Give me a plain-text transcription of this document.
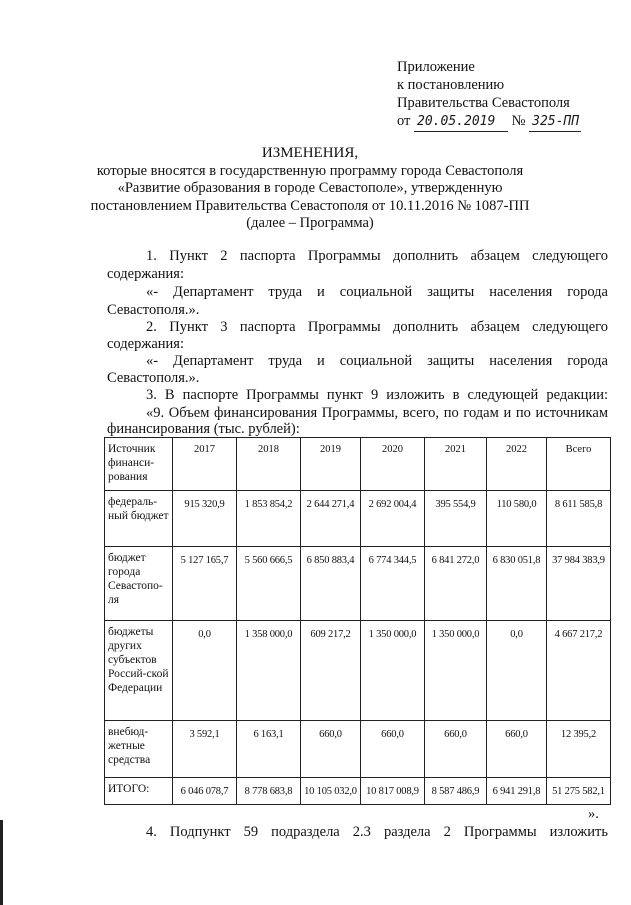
Приложение
к постановлению
Правительства Севастополя
от 20.05.2019 № 325-ПП
ИЗМЕНЕНИЯ,
которые вносятся в государственную программу города Севастополя
«Развитие образования в городе Севастополе», утвержденную
постановлением Правительства Севастополя от 10.11.2016 № 1087-ПП
(далее – Программа)
1. Пункт 2 паспорта Программы дополнить абзацем следующего
содержания:
«- Департамент труда и социальной защиты населения города
Севастополя.».
2. Пункт 3 паспорта Программы дополнить абзацем следующего
содержания:
«- Департамент труда и социальной защиты населения города
Севастополя.».
3. В паспорте Программы пункт 9 изложить в следующей редакции:
«9. Объем финансирования Программы, всего, по годам и по источникам
финансирования (тыс. рублей):
Источник финанси-рования	2017	2018	2019	2020	2021	2022	Всего
федераль-ный бюджет	915 320,9	1 853 854,2	2 644 271,4	2 692 004,4	395 554,9	110 580,0	8 611 585,8
бюджет города Севастопо-ля	5 127 165,7	5 560 666,5	6 850 883,4	6 774 344,5	6 841 272,0	6 830 051,8	37 984 383,9
бюджеты других субъектов Россий-ской Федерации	0,0	1 358 000,0	609 217,2	1 350 000,0	1 350 000,0	0,0	4 667 217,2
внебюд-жетные средства	3 592,1	6 163,1	660,0	660,0	660,0	660,0	12 395,2
ИТОГО:	6 046 078,7	8 778 683,8	10 105 032,0	10 817 008,9	8 587 486,9	6 941 291,8	51 275 582,1
».
4. Подпункт 59 подраздела 2.3 раздела 2 Программы изложить
